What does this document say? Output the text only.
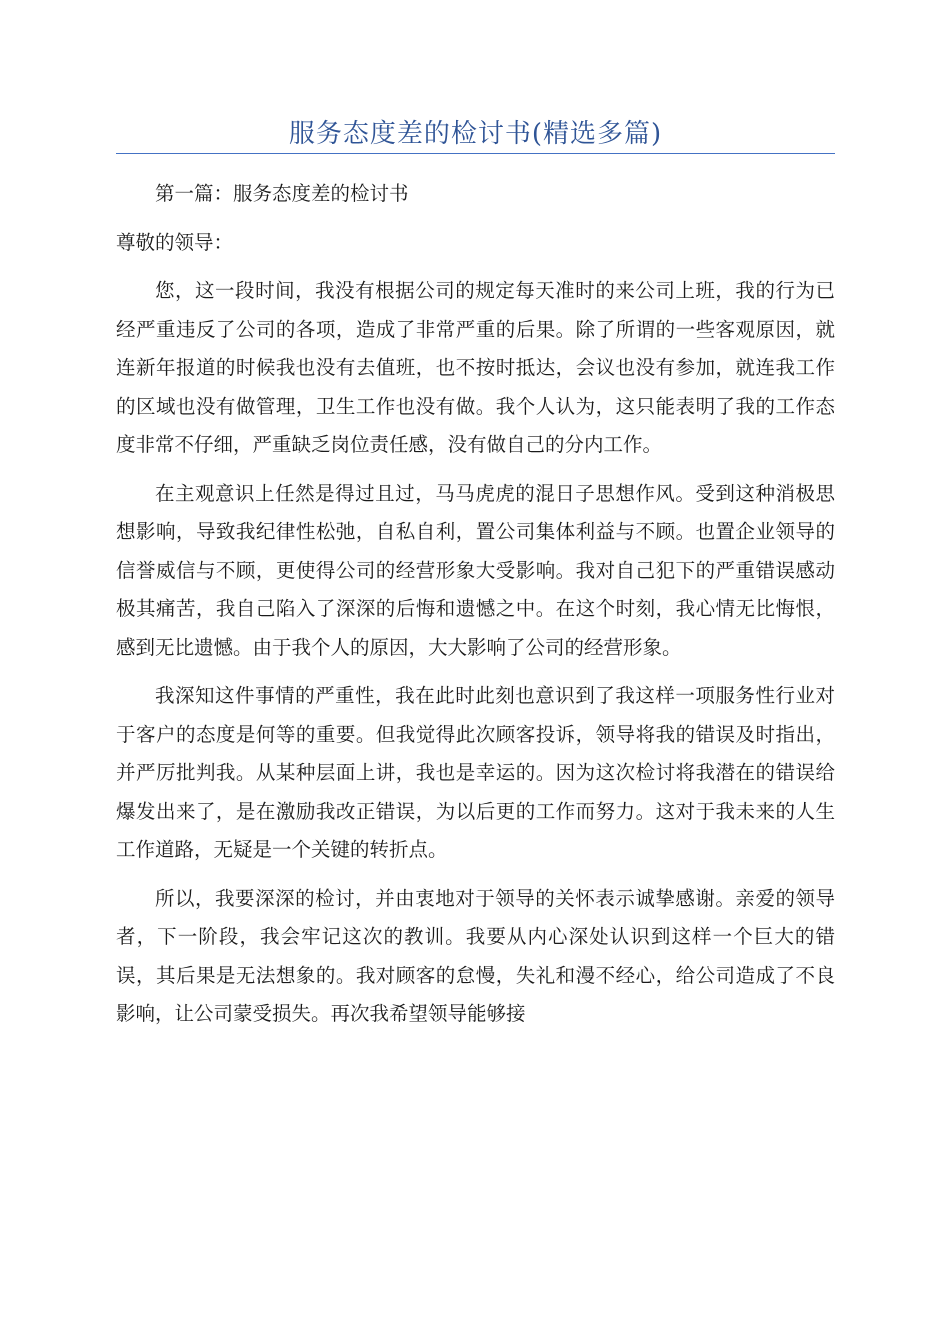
服务态度差的检讨书(精选多篇)

第一篇：服务态度差的检讨书

尊敬的领导：

您，这一段时间，我没有根据公司的规定每天准时的来公司上班，我的行为已经严重违反了公司的各项，造成了非常严重的后果。除了所谓的一些客观原因，就连新年报道的时候我也没有去值班，也不按时抵达，会议也没有参加，就连我工作的区域也没有做管理，卫生工作也没有做。我个人认为，这只能表明了我的工作态度非常不仔细，严重缺乏岗位责任感，没有做自己的分内工作。

在主观意识上任然是得过且过，马马虎虎的混日子思想作风。受到这种消极思想影响，导致我纪律性松弛，自私自利，置公司集体利益与不顾。也置企业领导的信誉威信与不顾，更使得公司的经营形象大受影响。我对自己犯下的严重错误感动极其痛苦，我自己陷入了深深的后悔和遗憾之中。在这个时刻，我心情无比悔恨，感到无比遗憾。由于我个人的原因，大大影响了公司的经营形象。

我深知这件事情的严重性，我在此时此刻也意识到了我这样一项服务性行业对于客户的态度是何等的重要。但我觉得此次顾客投诉，领导将我的错误及时指出，并严厉批判我。从某种层面上讲，我也是幸运的。因为这次检讨将我潜在的错误给爆发出来了，是在激励我改正错误，为以后更的工作而努力。这对于我未来的人生工作道路，无疑是一个关键的转折点。

所以，我要深深的检讨，并由衷地对于领导的关怀表示诚挚感谢。亲爱的领导者，下一阶段，我会牢记这次的教训。我要从内心深处认识到这样一个巨大的错误，其后果是无法想象的。我对顾客的怠慢，失礼和漫不经心，给公司造成了不良影响，让公司蒙受损失。再次我希望领导能够接
